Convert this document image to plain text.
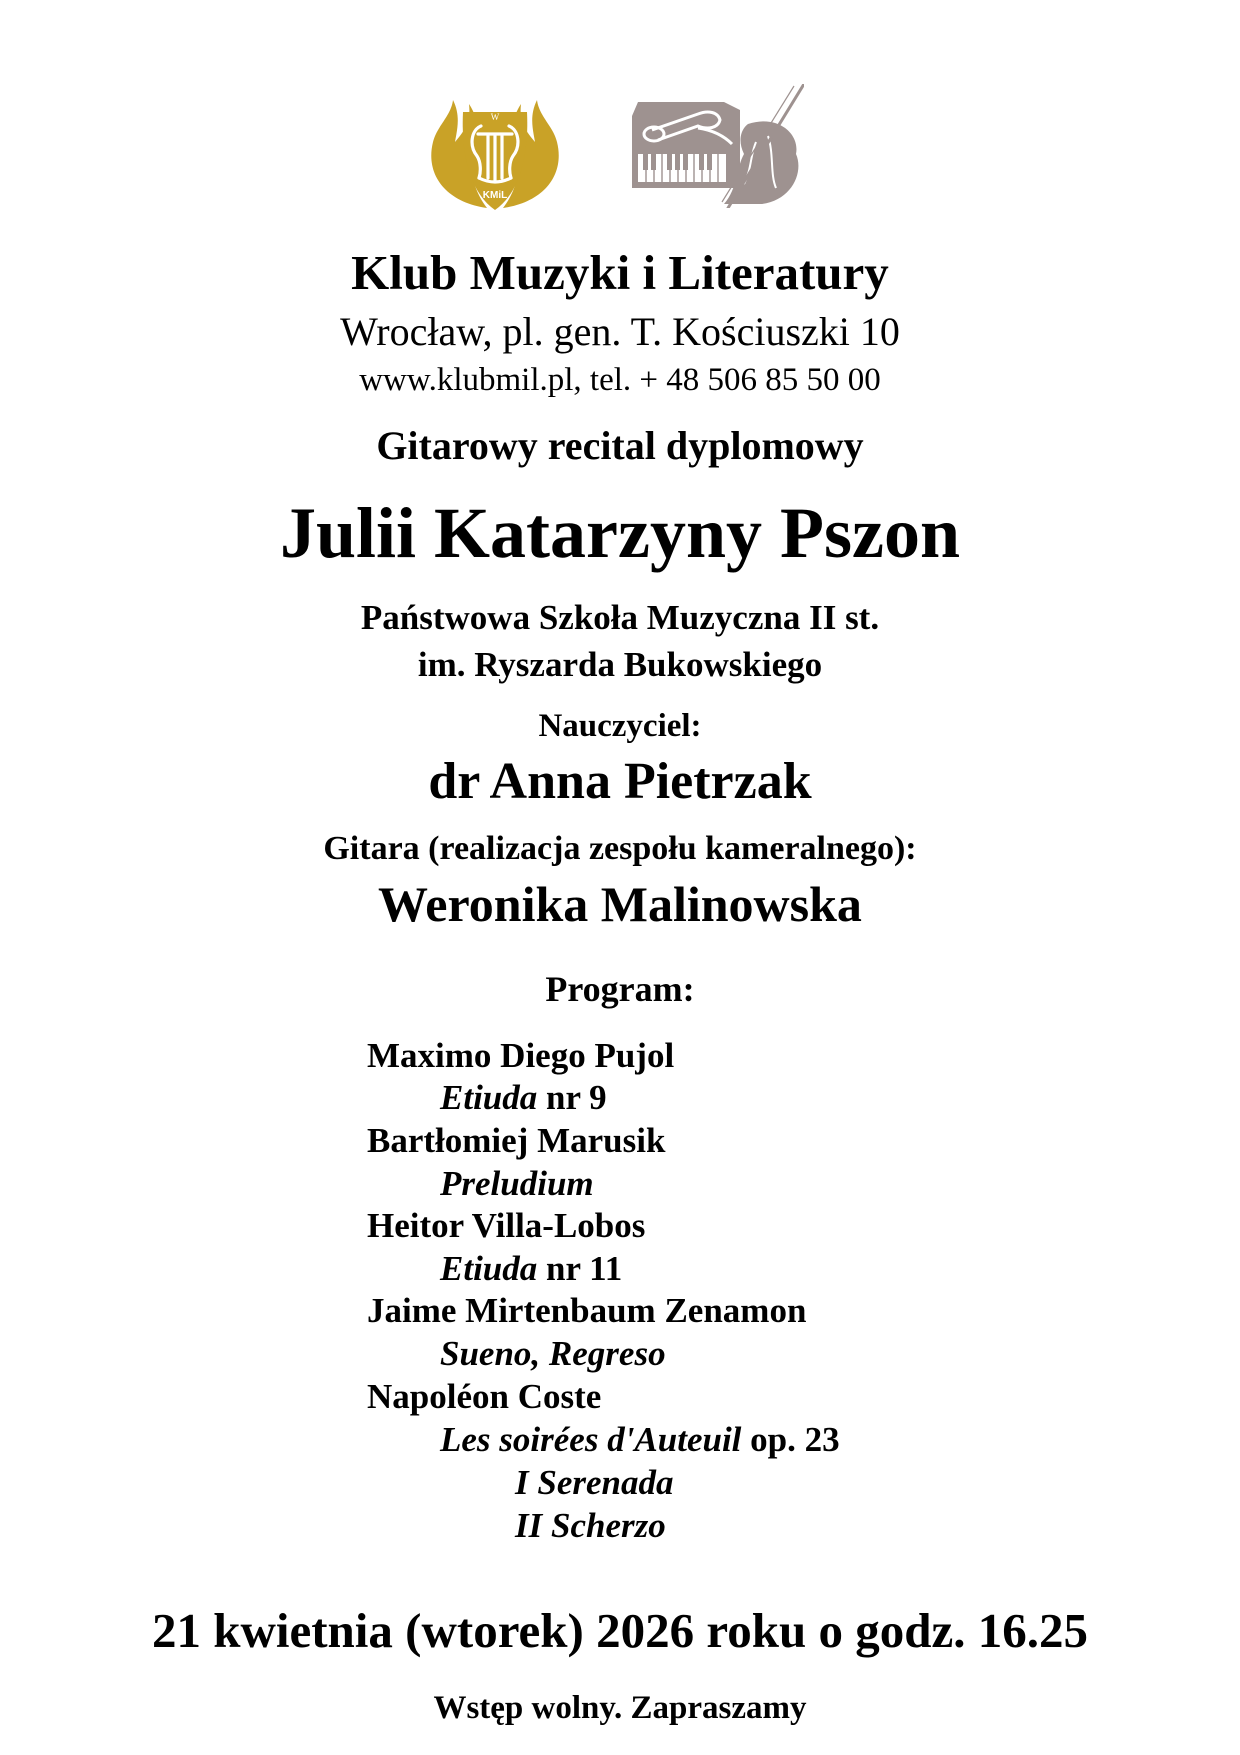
W
KMiL
Klub Muzyki i Literatury
Wrocław, pl. gen. T. Kościuszki 10
www.klubmil.pl, tel. + 48 506 85 50 00
Gitarowy recital dyplomowy
Julii Katarzyny Pszon
Państwowa Szkoła Muzyczna II st.
im. Ryszarda Bukowskiego
Nauczyciel:
dr Anna Pietrzak
Gitara (realizacja zespołu kameralnego):
Weronika Malinowska
Program:
Maximo Diego Pujol
Etiuda nr 9
Bartłomiej Marusik
Preludium
Heitor Villa-Lobos
Etiuda nr 11
Jaime Mirtenbaum Zenamon
Sueno, Regreso
Napoléon Coste
Les soirées d'Auteuil op. 23
I Serenada
II Scherzo
21 kwietnia (wtorek) 2026 roku o godz. 16.25
Wstęp wolny. Zapraszamy
